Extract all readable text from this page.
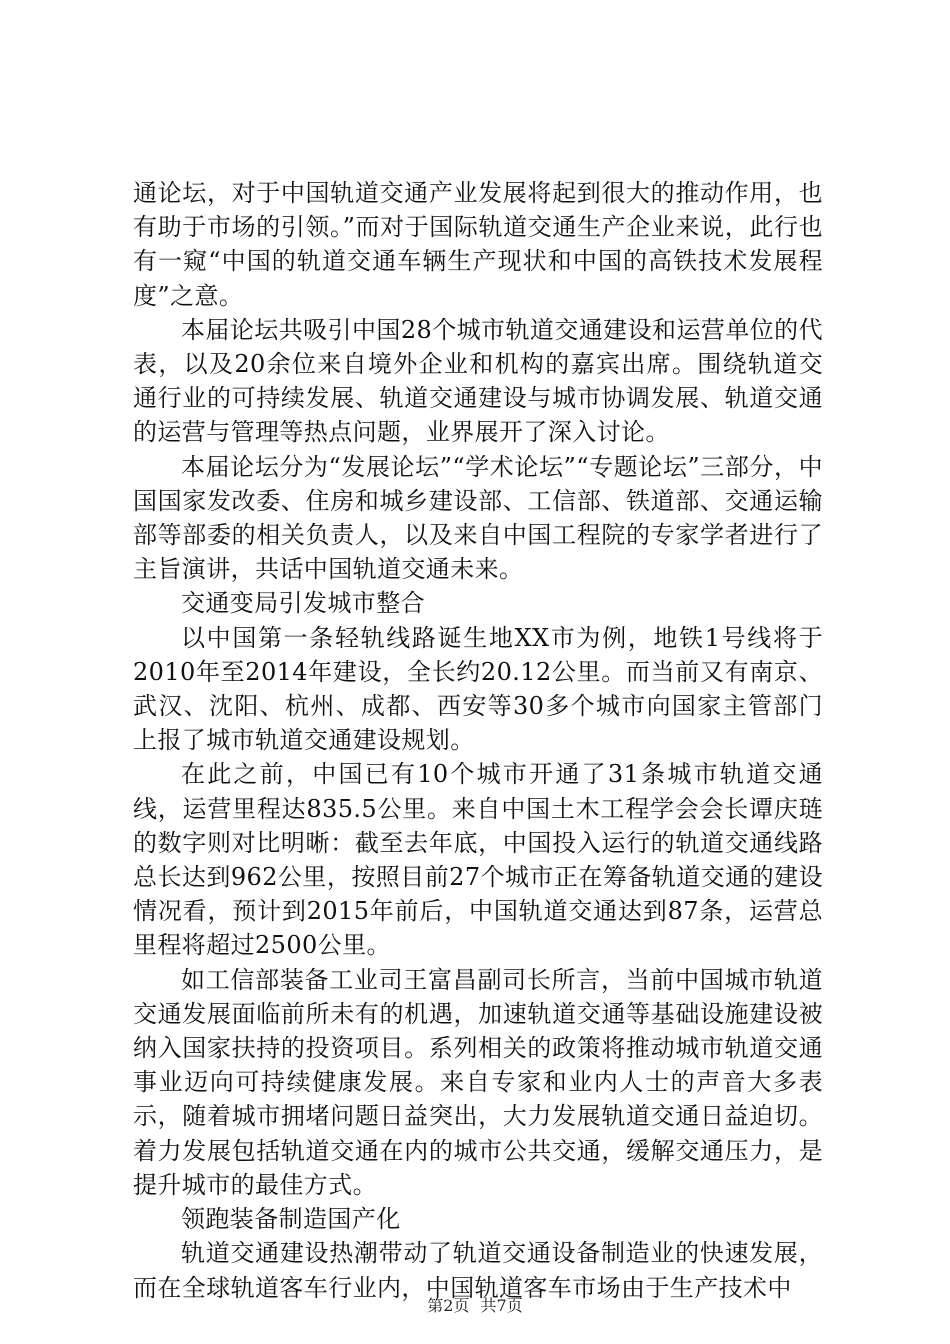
通论坛，对于中国轨道交通产业发展将起到很大的推动作用，也有助于市场的引领。”而对于国际轨道交通生产企业来说，此行也有一窥“中国的轨道交通车辆生产现状和中国的高铁技术发展程度”之意。

本届论坛共吸引中国28个城市轨道交通建设和运营单位的代表，以及20余位来自境外企业和机构的嘉宾出席。围绕轨道交通行业的可持续发展、轨道交通建设与城市协调发展、轨道交通的运营与管理等热点问题，业界展开了深入讨论。

本届论坛分为“发展论坛”“学术论坛”“专题论坛”三部分，中国国家发改委、住房和城乡建设部、工信部、铁道部、交通运输部等部委的相关负责人，以及来自中国工程院的专家学者进行了主旨演讲，共话中国轨道交通未来。

交通变局引发城市整合

以中国第一条轻轨线路诞生地XX市为例，地铁1号线将于2010年至2014年建设，全长约20.12公里。而当前又有南京、武汉、沈阳、杭州、成都、西安等30多个城市向国家主管部门上报了城市轨道交通建设规划。

在此之前，中国已有10个城市开通了31条城市轨道交通线，运营里程达835.5公里。来自中国土木工程学会会长谭庆琏的数字则对比明晰：截至去年底，中国投入运行的轨道交通线路总长达到962公里，按照目前27个城市正在筹备轨道交通的建设情况看，预计到2015年前后，中国轨道交通达到87条，运营总里程将超过2500公里。

如工信部装备工业司王富昌副司长所言，当前中国城市轨道交通发展面临前所未有的机遇，加速轨道交通等基础设施建设被纳入国家扶持的投资项目。系列相关的政策将推动城市轨道交通事业迈向可持续健康发展。来自专家和业内人士的声音大多表示，随着城市拥堵问题日益突出，大力发展轨道交通日益迫切。着力发展包括轨道交通在内的城市公共交通，缓解交通压力，是提升城市的最佳方式。

领跑装备制造国产化

轨道交通建设热潮带动了轨道交通设备制造业的快速发展，而在全球轨道客车行业内，中国轨道客车市场由于生产技术中

第2页 共7页
